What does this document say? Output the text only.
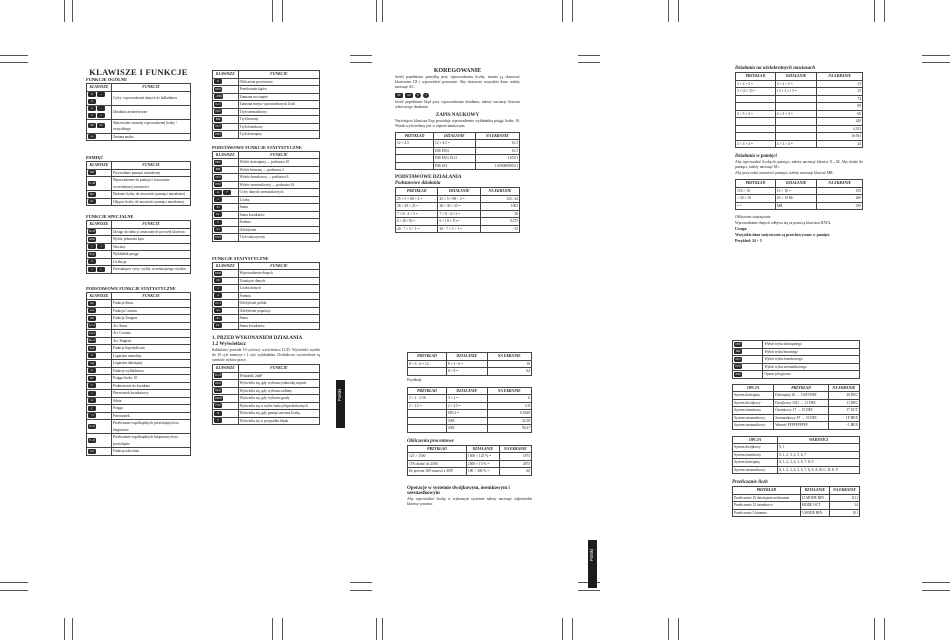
Polski
Polski
KLAWISZE I FUNKCJE
FUNKCJE OGÓLNE
KLAWISZE	FUNKCJE
0 ~9	Cyfry: wprowadzanie danych do kalkulatora
+ -× ÷	Działania arytmetyczne
CE AC	Skasowanie ostatniej wprowadzonej liczby / wszystkiego
+/-	Zmiana znaku
PAMIĘĆ
KLAWISZE	FUNKCJE
MR	Przywołanie pamięci niezależnej
X→M	Wprowadzenie do pamięci i kasowanie wcześniejszej zawartości
M+	Dodanie liczby do zawartości pamięci niezależnej
M-	Odjęcie liczby od zawartości pamięci niezależnej
FUNKCJE SPECJALNE
KLAWISZE	FUNKCJE
2ndF	Dostęp do funkcji oznaczonych powyżej klawiszy
DRG	Wybór jednostki kąta
( )	Nawiasy
Exp	Wykładnik potęgi
π	Liczba pi
→ ←	Przesunięcie cyfry; wybór wcześniejszego wyniku
PODSTAWOWE FUNKCJE STATYSTYCZNE
KLAWISZE	FUNKCJE
sin	Funkcja Sinus
cos	Funkcja Cosinus
tan	Funkcja Tangens
sin-1	Arc Sinus
cos-1	Arc Cosinus
tan-1	Arc Tangens
hyp	Funkcje hiperboliczne
ln	Logarytm naturalny
log	Logarytm dziesiętny
eˣ	Funkcja wykładnicza
10ˣ	Potęga liczby 10
x²	Podniesienie do kwadratu
√	Pierwiastek kwadratowy
x!	Silnia
yˣ	Potęga
ˣ√y	Pierwiastek
R→P	Przeliczanie współrzędnych prostokątnych na biegunowe
P→R	Przeliczanie współrzędnych biegunowych na prostokątne
1/x	Funkcja odwrotna
KLAWISZE	FUNKCJE
%	Obliczenia procentowe
DEG	Przeliczanie kątów
→DEG	Zamiana na stopnie
X↔Y	Zamiana miejsc wprowadzonych liczb
HEX	Tryb szesnastkowy
BIN	Tryb binarny
OCT	Tryb ósemkowy
DEC	Tryb dziesiętny
PODSTAWOWE FUNKCJE STATYSTYCZNE
KLAWISZE	FUNKCJE
DEC	Wybór dziesiętnej — podstawa 10
BIN	Wybór binarnej — podstawa 2
OCT	Wybór ósemkowej — podstawa 8
HEX	Wybór szesnastkowej — podstawa 16
A F	Cyfry danych szesnastkowych
n	Liczba
Σx	Suma
Σx²	Suma kwadratów
x̄	Średnia
σn	Odchylenie
STAT	Tryb statystyczny
FUNKCJE STATYSTYCZNE
KLAWISZE	FUNKCJE
DATA	Wprowadzenie danych
CD	Usunięcie danych
n	Liczba danych
x̄	Średnia
σn-1	Odchylenie próbki
σn	Odchylenie populacji
Σx	Suma
Σx²	Suma kwadratów
1. PRZED WYKONANIEM DZIAŁANIA
1.2 Wyświetlacz

Kalkulator posiada 10-cyfrowy wyświetlacz LCD. Wyświetla wyniki do 10 cyfr mantysy i 2 cyfr wykładnika. Dodatkowo wyświetlane są symbole trybów pracy.

KLAWISZE	FUNKCJE
2ndF	Wskaźnik 2ndF
DEG	Wyświetla się, gdy wybrano jednostkę stopnie
RAD	Wyświetla się, gdy wybrano radiany
GRAD	Wyświetla się, gdy wybrano grady
HYP	Wyświetla się w trybie funkcji hiperbolicznych
M	Wyświetla się, gdy pamięć zawiera liczbę
E	Wyświetla się w przypadku błędu
KOREGOWANIE

Jeżeli popełniono pomyłkę przy wprowadzaniu liczby, można ją skasować klawiszem CE i wprowadzić ponownie. Aby skasować wszystkie dane, należy nacisnąć AC.

CE AC 0 1

Jeżeli popełniono błąd przy wprowadzaniu działania, należy nacisnąć klawisz właściwego działania.

ZAPIS NAUKOWY

Naciśnięcie klawisza Exp powoduje wprowadzenie wykładnika potęgi liczby 10. Wynik wyświetlany jest w zapisie naukowym.

PRZYKŁAD	DZIAŁANIE	NA EKRANIE
12 + 4.5	12 + 4.5 =	16.5
	DIS ENG	16.5
	DIS ENG FLO	1.65 01
	DIS SCI	1.650000000 01
PODSTAWOWE DZIAŁANIA
Podstawowe działania
PRZYKŁAD	DZIAŁANIE	NA EKRANIE
25 × 5 = 88 ÷ 2 =	25 × 5 = 88 ÷ 2 =	125 / 44
28 + 39 × 25 =	28 + 39 × 25 =	1003
7 × 8 - 4 × 5 =	7 × 8 - 4 × 5 =	36
6 ÷ (8 + 8) =	6 ÷ ( 8 + 8 ) =	0.375
20 - 7 × 5 ÷ 1 =	20 - 7 × 5 ÷ 1 =	-15
PRZYKŁAD	DZIAŁANIE	NA EKRANIE
8 × 3 - 6 = 12	8 × 3 - 6 =	18
	8 × 8 =	64
Przykłady
PRZYKŁAD	DZIAŁANIE	NA EKRANIE
3 × 2 - 2.56	3 × 2 =	6
2 ÷ 2.5 =	2 ÷ 2.5 =	0.8
	SIN 2 =	0.0349
	ABC	32.38
	ABC	90.27
Obliczenia procentowe
PRZYKŁAD	DZIAŁANIE	NA EKRANIE
125 × 1500	1500 × 125 % =	1875
15% dodać do 2500	2500 + 15 % =	2875
Ile procent 180 stanowi z 300?	180 ÷ 300 % =	60
Operacje w systemie dwójkowym, ósemkowym i szesnastkowym

Aby wprowadzić liczbę w wybranym systemie należy nacisnąć odpowiedni klawisz systemu.

Działania na wielokrotnych nawiasach
PRZYKŁAD	DZIAŁANIE	NA EKRANIE
3 + 2 × 5 =	3 + 2 × 5 =	13
3 + (2 × 5) =	( 3 + 2 ) × 5 =	25
		74
		89
4 × 5 × 3 =	4 × 5 × 3 =	60
		240
		4.333
		16.933
2 × 3 × 4 =	2 × 3 × 4 =	24
Działania w pamięci

Aby wprowadzić liczbę do pamięci, należy nacisnąć klawisz X→M. Aby dodać do pamięci, należy nacisnąć M+.

Aby przywołać zawartość pamięci, należy nacisnąć klawisz MR.

PRZYKŁAD	DZIAŁANIE	NA EKRANIE
153 × 10	15 × 10 =	150
+ 20 × 10	20 × 10 M+	200
= ?	MR	350

Obliczenia statystyczne

Wprowadzanie danych odbywa się za pomocą klawisza DATA.

Uwaga:

Wszystkie dane statystyczne są przechowywane w pamięci.

Przykład: 24 + 5

DEC	Wybór trybu dziesiętnego
BIN	Wybór trybu binarnego
OCT	Wybór trybu ósemkowego
HEX	Wybór trybu szesnastkowego
ABC	Operacja logiczna
OPCJA	PRZYKŁAD	NA EKRANIE
System dziesiętny	Dziesiętny 26 → 11010 BIN	26 DEC
System dwójkowy	Dwójkowy 1011 → 11 DEC	11 DEC
System ósemkowy	Ósemkowy 17 → 15 DEC	17 OCT
System szesnastkowy	Szesnastkowy 1F → 31 DEC	1F HEX
System szesnastkowy	Wartość FFFFFFFFFF	-1 HEX
OPCJA	WARTOŚCI
System dwójkowy	0, 1
System ósemkowy	0, 1, 2, 3, 4, 5, 6, 7
System dziesiętny	0, 1, 2, 3, 4, 5, 6, 7, 8, 9
System szesnastkowy	0, 1, 2, 3, 4, 5, 6, 7, 8, 9, A, B, C, D, E, F
Przeliczanie liczb
PRZYKŁAD	DZIAŁANIE	NA EKRANIE
Przeliczenie 15 dziesiętnie na binarnie	15 MODE BIN	1111
Przeliczenie 12 ósemkowo	MODE OCT	14
Przeliczenie 5 binarnie	5 MODE BIN	101
